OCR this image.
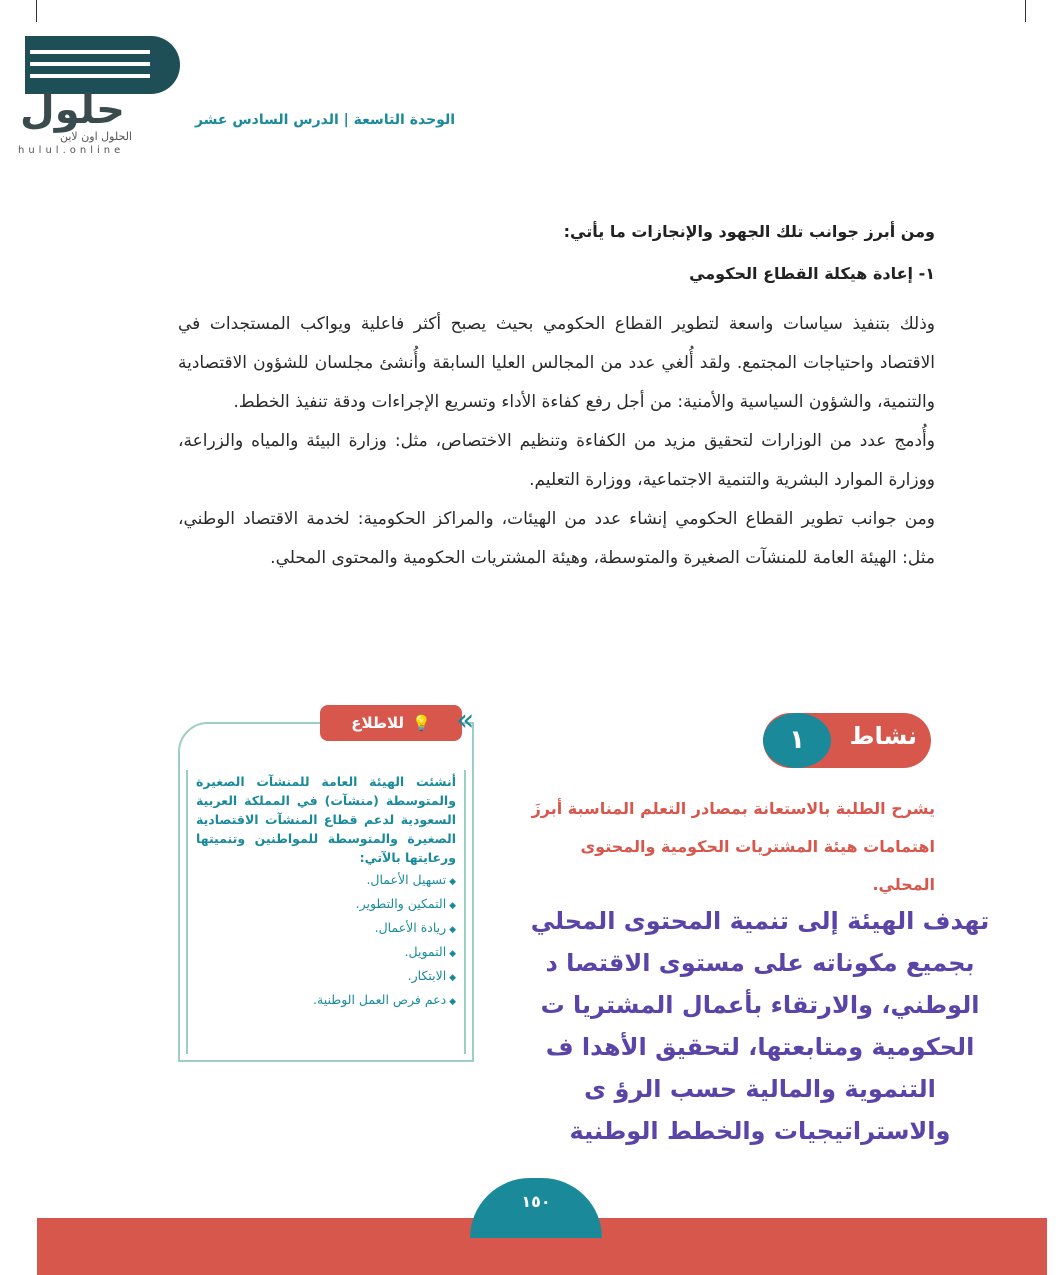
حلول
الحلول اون لاين
hulul.online
الوحدة التاسعة | الدرس السادس عشر
ومن أبرز جوانب تلك الجهود والإنجازات ما يأتي:
١- إعادة هيكلة القطاع الحكومي

وذلك بتنفيذ سياسات واسعة لتطوير القطاع الحكومي بحيث يصبح أكثر فاعلية ويواكب المستجدات في الاقتصاد واحتياجات المجتمع. ولقد أُلغي عدد من المجالس العليا السابقة وأُنشئ مجلسان للشؤون الاقتصادية والتنمية، والشؤون السياسية والأمنية: من أجل رفع كفاءة الأداء وتسريع الإجراءات ودقة تنفيذ الخطط.

وأُدمج عدد من الوزارات لتحقيق مزيد من الكفاءة وتنظيم الاختصاص، مثل: وزارة البيئة والمياه والزراعة، ووزارة الموارد البشرية والتنمية الاجتماعية، ووزارة التعليم.

ومن جوانب تطوير القطاع الحكومي إنشاء عدد من الهيئات، والمراكز الحكومية: لخدمة الاقتصاد الوطني، مثل: الهيئة العامة للمنشآت الصغيرة والمتوسطة، وهيئة المشتريات الحكومية والمحتوى المحلي.

١	نشاط
يشرح الطلبة بالاستعانة بمصادر التعلم المناسبة أبرزَ اهتمامات هيئة المشتريات الحكومية والمحتوى المحلي.

تهدف الهيئة إلى تنمية المحتوى المحلي

بجميع مكوناته على مستوى الاقتصا د

الوطني، والارتقاء بأعمال المشتريا ت

الحكومية ومتابعتها، لتحقيق الأهدا ف

التنموية والمالية حسب الرؤ ى

والاستراتيجيات والخطط الوطنية

للاطلاع 💡 «
أنشئت الهيئة العامة للمنشآت الصغيرة والمتوسطة (منشآت) في المملكة العربية السعودية لدعم قطاع المنشآت الاقتصادية الصغيرة والمتوسطة للمواطنين وتنميتها ورعايتها بالآتي:
◆ تسهيل الأعمال.
◆ التمكين والتطوير.
◆ ريادة الأعمال.
◆ التمويل.
◆ الابتكار.
◆ دعم فرص العمل الوطنية.
١٥٠
